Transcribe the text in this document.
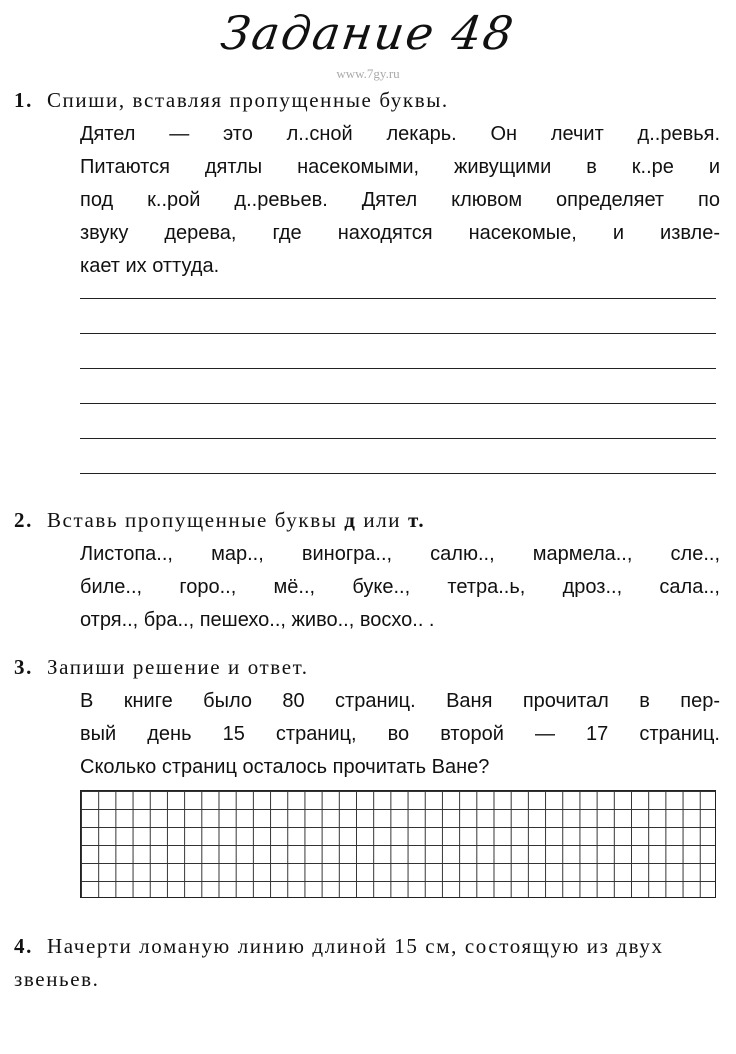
Задание 48
www.7gy.ru
1. Спиши, вставляя пропущенные буквы.
Дятел — это л..сной лекарь. Он лечит д..ревья.
Питаются дятлы насекомыми, живущими в к..ре и
под к..рой д..ревьев. Дятел клювом определяет по
звуку дерева, где находятся насекомые, и извле-
кает их оттуда.
2. Вставь пропущенные буквы д или т.
Листопа.., мар.., виногра.., салю.., мармела.., сле..,
биле.., горо.., мё.., буке.., тетра..ь, дроз.., сала..,
отря.., бра.., пешехо.., живо.., восхо.. .
3. Запиши решение и ответ.
В книге было 80 страниц. Ваня прочитал в пер-
вый день 15 страниц, во второй — 17 страниц.
Сколько страниц осталось прочитать Ване?
4. Начерти ломаную линию длиной 15 см, состоящую из двух звеньев.
